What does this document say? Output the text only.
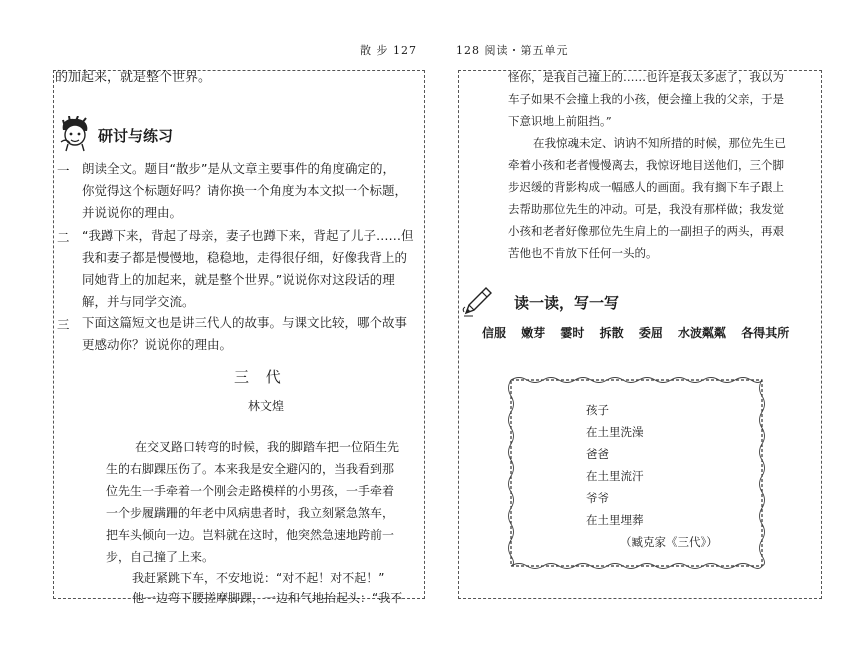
散 步 127	128 阅读・第五单元
的加起来，就是整个世界。
研讨与练习
一 朗读全文。题目“散步”是从文章主要事件的角度确定的，
你觉得这个标题好吗？请你换一个角度为本文拟一个标题，
并说说你的理由。
二 “我蹲下来，背起了母亲，妻子也蹲下来，背起了儿子……但
我和妻子都是慢慢地，稳稳地，走得很仔细，好像我背上的
同她背上的加起来，就是整个世界。”说说你对这段话的理
解，并与同学交流。
三 下面这篇短文也是讲三代人的故事。与课文比较，哪个故事
更感动你？说说你的理由。
三 代
林文煌
在交叉路口转弯的时候，我的脚踏车把一位陌生先
生的右脚踝压伤了。本来我是安全避闪的，当我看到那
位先生一手牵着一个刚会走路模样的小男孩，一手牵着
一个步履蹒跚的年老中风病患者时，我立刻紧急煞车，
把车头倾向一边。岂料就在这时，他突然急速地跨前一
步，自己撞了上来。
我赶紧跳下车，不安地说：“对不起！对不起！”
他一边弯下腰搓摩脚踝，一边和气地抬起头：“我不
怪你，是我自己撞上的……也许是我太多虑了，我以为
车子如果不会撞上我的小孩，便会撞上我的父亲，于是
下意识地上前阻挡。”
在我惊魂未定、讷讷不知所措的时候，那位先生已
牵着小孩和老者慢慢离去，我惊讶地目送他们，三个脚
步迟缓的背影构成一幅感人的画面。我有搁下车子跟上
去帮助那位先生的冲动。可是，我没有那样做；我发觉
小孩和老者好像那位先生肩上的一副担子的两头，再艰
苦他也不肯放下任何一头的。
读一读，写一写
信服 嫩芽 霎时 拆散 委屈 水波粼粼 各得其所
孩子
在土里洗澡
爸爸
在土里流汗
爷爷
在土里埋葬
（臧克家《三代》）
